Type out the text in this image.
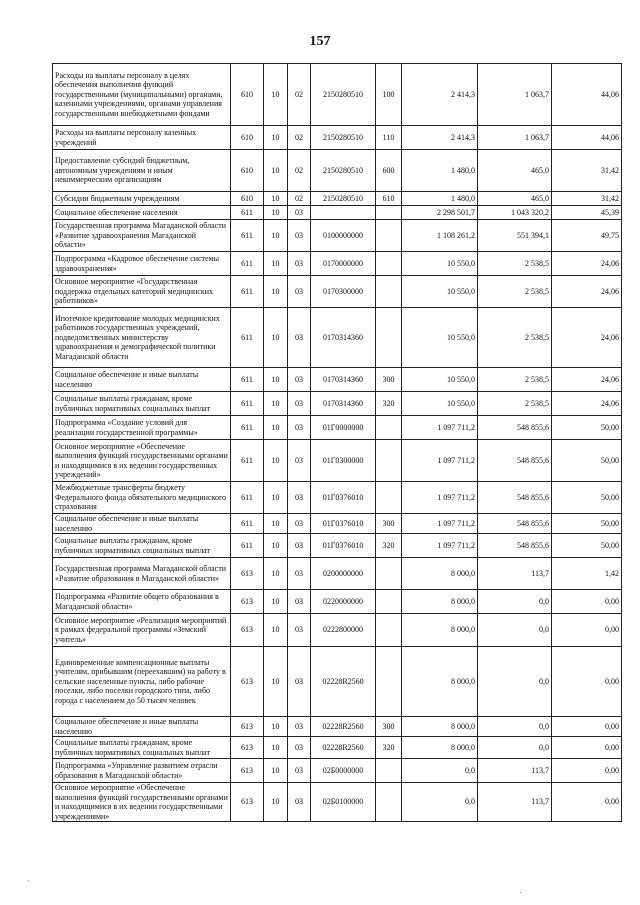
157
Расходы на выплаты персоналу в целях обеспечения выполнения функций государственными (муниципальными) органами, казенными учреждениями, органами управления государственными внебюджетными фондами	610	10	02	2150280510	100	2 414,3	1 063,7	44,06
Расходы на выплаты персоналу казенных учреждений	610	10	02	2150280510	110	2 414,3	1 063,7	44,06
Предоставление субсидий бюджетным, автономным учреждениям и иным некоммерческим организациям	610	10	02	2150280510	600	1 480,0	465,0	31,42
Субсидии бюджетным учреждениям	610	10	02	2150280510	610	1 480,0	465,0	31,42
Социальное обеспечение населения	611	10	03			2 298 501,7	1 043 320,2	45,39
Государственная программа Магаданской области «Развитие здравоохранения Магаданской области»	611	10	03	0100000000		1 108 261,2	551 394,1	49,75
Подпрограмма «Кадровое обеспечение системы здравоохранения»	611	10	03	0170000000		10 550,0	2 538,5	24,06
Основное мероприятие «Государственная поддержка отдельных категорий медицинских работников»	611	10	03	0170300000		10 550,0	2 538,5	24,06
Ипотечное кредитование молодых медицинских работников государственных учреждений, подведомственных министерству здравоохранения и демографической политики Магаданской области	611	10	03	0170314360		10 550,0	2 538,5	24,06
Социальное обеспечение и иные выплаты населению	611	10	03	0170314360	300	10 550,0	2 538,5	24,06
Социальные выплаты гражданам, кроме публичных нормативных социальных выплат	611	10	03	0170314360	320	10 550,0	2 538,5	24,06
Подпрограмма «Создание условий для реализации государственной программы»	611	10	03	01Г0000000		1 097 711,2	548 855,6	50,00
Основное мероприятие «Обеспечение выполнения функций государственными органами и находящимися в их ведении государственных учреждений»	611	10	03	01Г0300000		1 097 711,2	548 855,6	50,00
Межбюджетные трансферты бюджету Федерального фонда обязательного медицинского страхования	611	10	03	01Г0376010		1 097 711,2	548 855,6	50,00
Социальное обеспечение и иные выплаты населению	611	10	03	01Г0376010	300	1 097 711,2	548 855,6	50,00
Социальные выплаты гражданам, кроме публичных нормативных социальных выплат	611	10	03	01Г0376010	320	1 097 711,2	548 855,6	50,00
Государственная программа Магаданской области «Развитие образования в Магаданской области»	613	10	03	0200000000		8 000,0	113,7	1,42
Подпрограмма «Развитие общего образования в Магаданской области»	613	10	03	0220000000		8 000,0	0,0	0,00
Основное мероприятие «Реализация мероприятий в рамках федеральной программы «Земский учитель»	613	10	03	0222800000		8 000,0	0,0	0,00
Единовременные компенсационные выплаты учителям, прибывшим (переехавшим) на работу в сельские населенные пункты, либо рабочие поселки, либо поселки городского типа, либо города с населением до 50 тысяч человек	613	10	03	02228R2560		8 000,0	0,0	0,00
Социальное обеспечение и иные выплаты населению	613	10	03	02228R2560	300	8 000,0	0,0	0,00
Социальные выплаты гражданам, кроме публичных нормативных социальных выплат	613	10	03	02228R2560	320	8 000,0	0,0	0,00
Подпрограмма «Управление развитием отрасли образования в Магаданской области»	613	10	03	02Б0000000		0,0	113,7	0,00
Основное мероприятие «Обеспечение выполнения функций государственными органами и находящимися в их ведении государственными учреждениями»	613	10	03	02Б0100000		0,0	113,7	0,00
